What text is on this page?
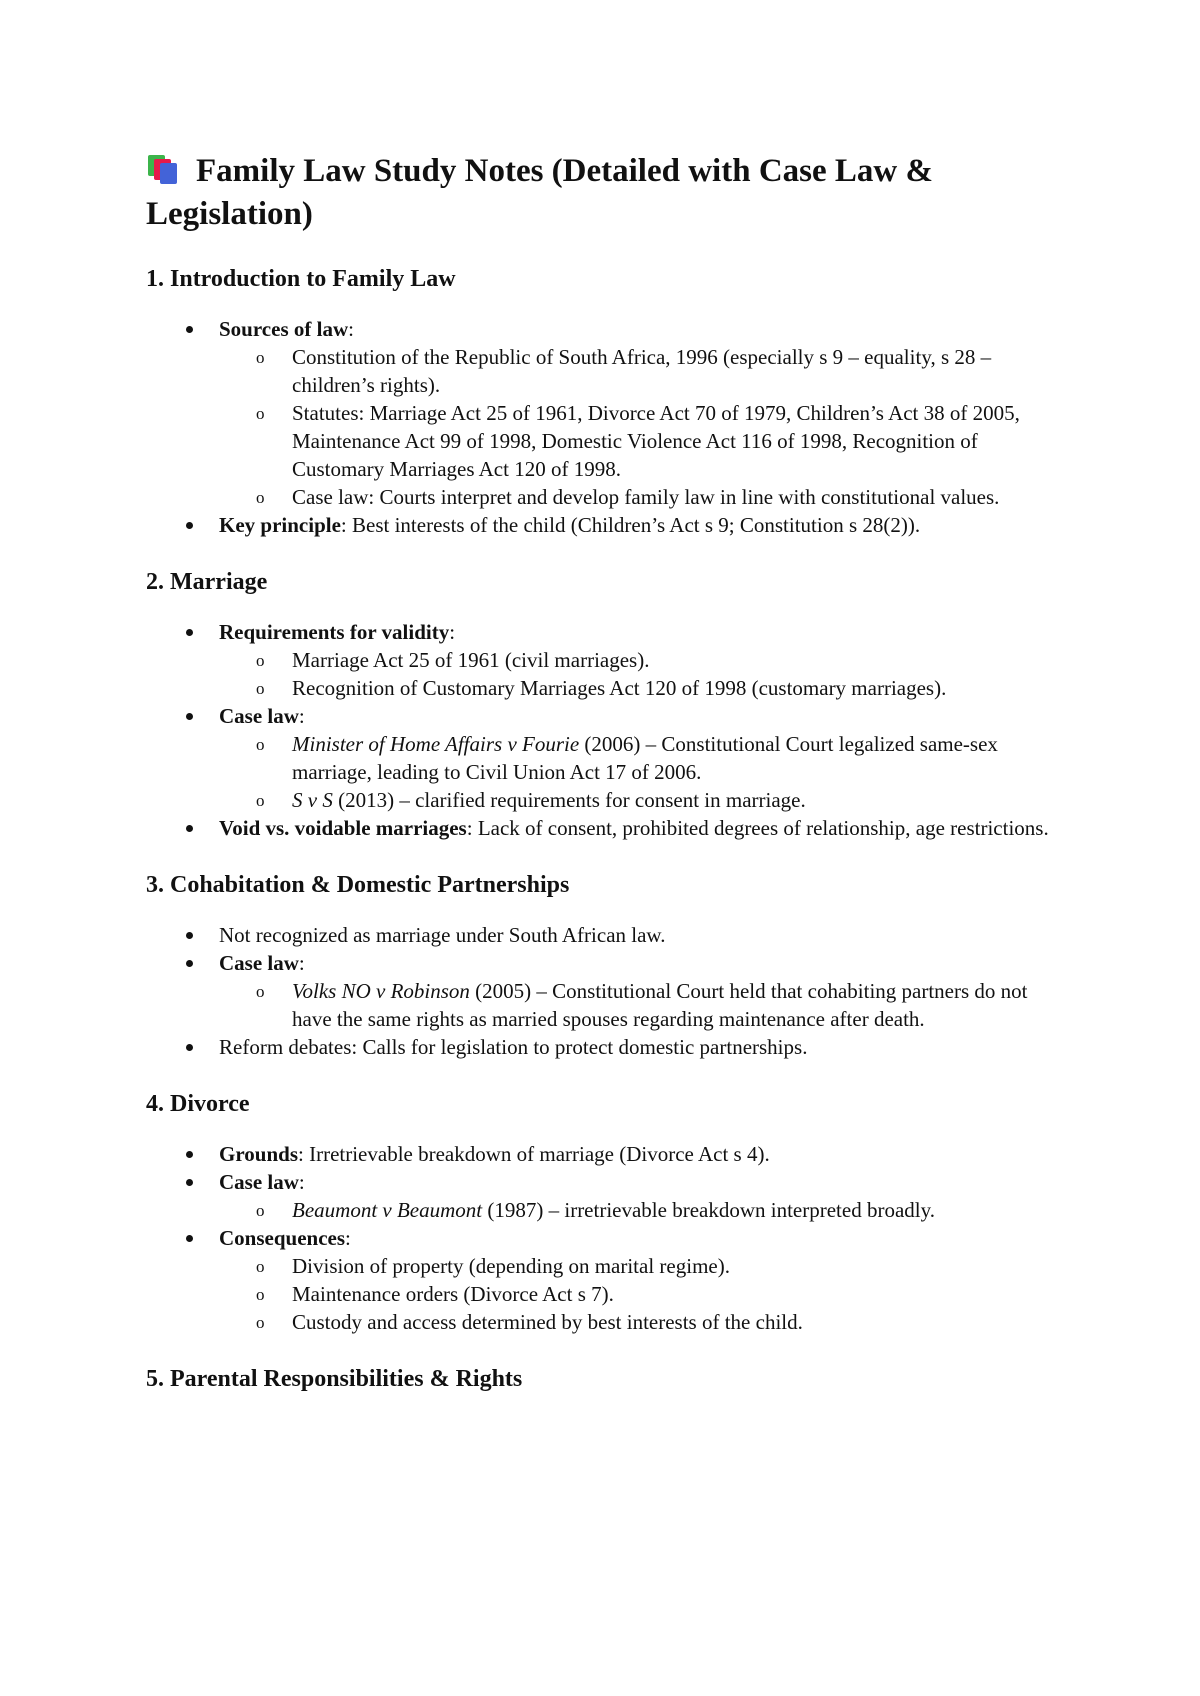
Family Law Study Notes (Detailed with Case Law & Legislation)
1. Introduction to Family Law
Sources of law:
o Constitution of the Republic of South Africa, 1996 (especially s 9 – equality, s 28 – children’s rights).
o Statutes: Marriage Act 25 of 1961, Divorce Act 70 of 1979, Children’s Act 38 of 2005, Maintenance Act 99 of 1998, Domestic Violence Act 116 of 1998, Recognition of Customary Marriages Act 120 of 1998.
o Case law: Courts interpret and develop family law in line with constitutional values.
Key principle: Best interests of the child (Children’s Act s 9; Constitution s 28(2)).
2. Marriage
Requirements for validity:
o Marriage Act 25 of 1961 (civil marriages).
o Recognition of Customary Marriages Act 120 of 1998 (customary marriages).
Case law:
o Minister of Home Affairs v Fourie (2006) – Constitutional Court legalized same-sex marriage, leading to Civil Union Act 17 of 2006.
o S v S (2013) – clarified requirements for consent in marriage.
Void vs. voidable marriages: Lack of consent, prohibited degrees of relationship, age restrictions.
3. Cohabitation & Domestic Partnerships
Not recognized as marriage under South African law.
Case law:
o Volks NO v Robinson (2005) – Constitutional Court held that cohabiting partners do not have the same rights as married spouses regarding maintenance after death.
Reform debates: Calls for legislation to protect domestic partnerships.
4. Divorce
Grounds: Irretrievable breakdown of marriage (Divorce Act s 4).
Case law:
o Beaumont v Beaumont (1987) – irretrievable breakdown interpreted broadly.
Consequences:
o Division of property (depending on marital regime).
o Maintenance orders (Divorce Act s 7).
o Custody and access determined by best interests of the child.
5. Parental Responsibilities & Rights
